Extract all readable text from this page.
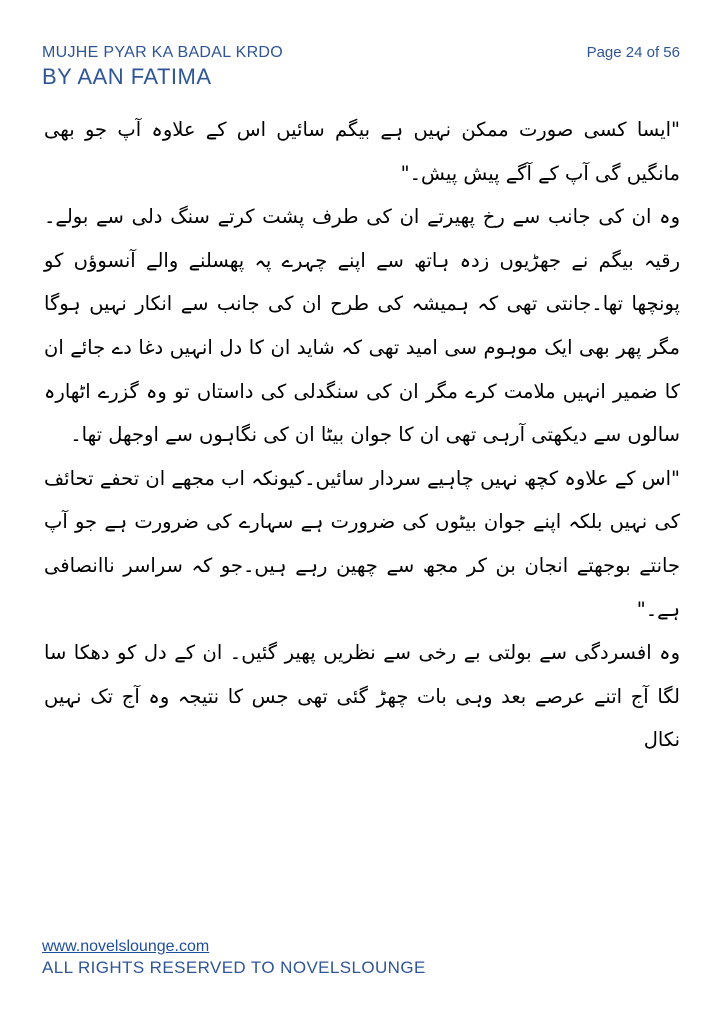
MUJHE PYAR KA BADAL KRDO
BY AAN FATIMA
Page 24 of 56

"ایسا کسی صورت ممکن نہیں ہے بیگم سائیں اس کے علاوہ آپ جو بھی مانگیں گی آپ کے آگے پیش پیش۔"

وہ ان کی جانب سے رخ پھیرتے ان کی طرف پشت کرتے سنگ دلی سے بولے۔رقیہ بیگم نے جھڑیوں زدہ ہاتھ سے اپنے چہرے پہ پھسلنے والے آنسوؤں کو پونچھا تھا۔جانتی تھی کہ ہمیشہ کی طرح ان کی جانب سے انکار نہیں ہوگا مگر پھر بھی ایک موہوم سی امید تھی کہ شاید ان کا دل انہیں دغا دے جائے ان کا ضمیر انہیں ملامت کرے مگر ان کی سنگدلی کی داستاں تو وہ گزرے اٹھارہ سالوں سے دیکھتی آرہی تھی ان کا جوان بیٹا ان کی نگاہوں سے اوجھل تھا۔

"اس کے علاوہ کچھ نہیں چاہیے سردار سائیں۔کیونکہ اب مجھے ان تحفے تحائف کی نہیں بلکہ اپنے جوان بیٹوں کی ضرورت ہے سہارے کی ضرورت ہے جو آپ جانتے بوجھتے انجان بن کر مجھ سے چھین رہے ہیں۔جو کہ سراسر ناانصافی ہے۔"

وہ افسردگی سے بولتی بے رخی سے نظریں پھیر گئیں۔ ان کے دل کو دھکا سا لگا آج اتنے عرصے بعد وہی بات چھڑ گئی تھی جس کا نتیجہ وہ آج تک نہیں نکال

www.novelslounge.com
ALL RIGHTS RESERVED TO NOVELSLOUNGE
